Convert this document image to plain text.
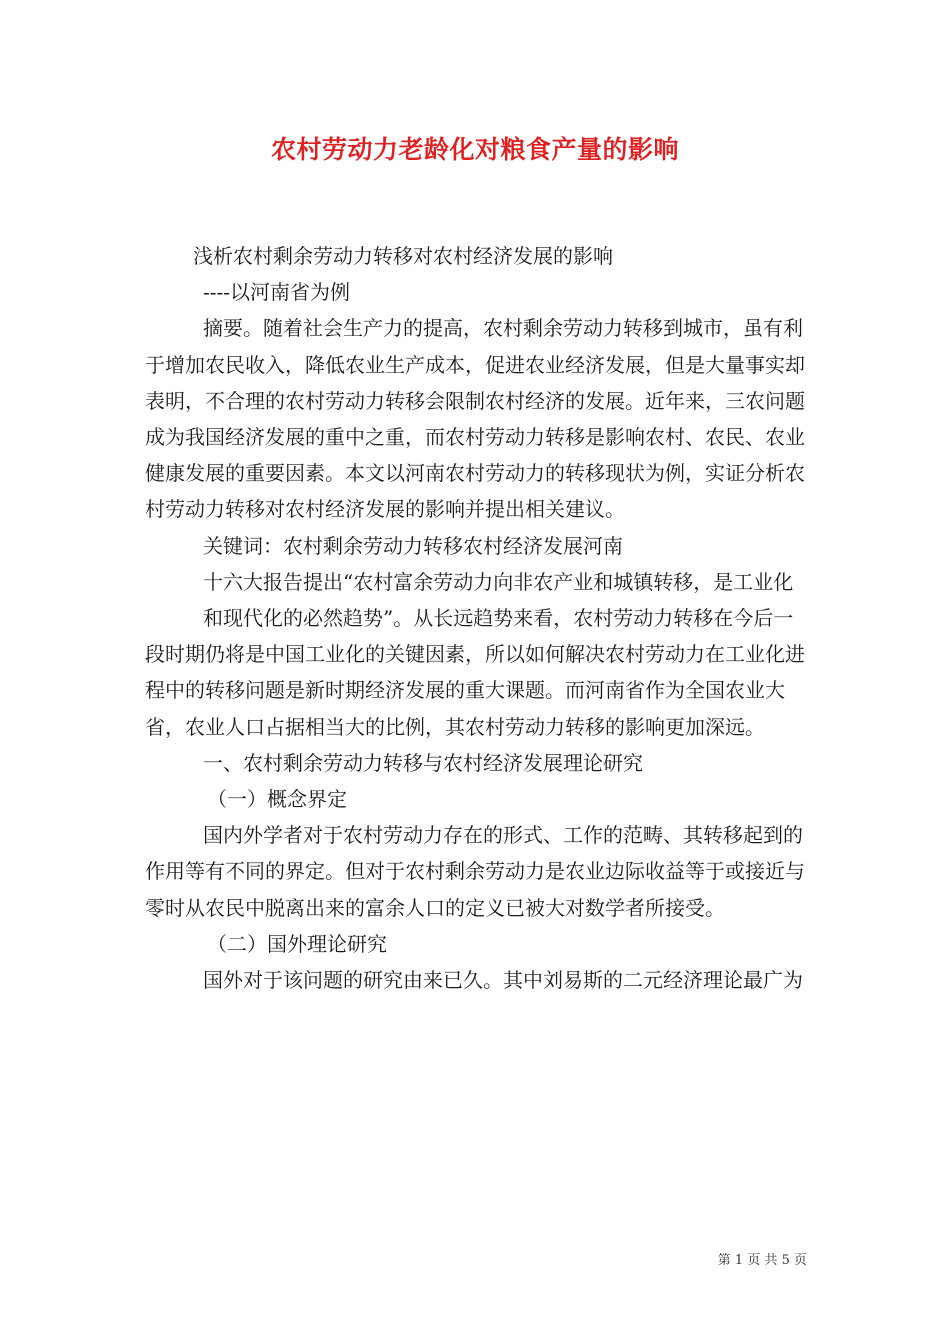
农村劳动力老龄化对粮食产量的影响

浅析农村剩余劳动力转移对农村经济发展的影响

----以河南省为例

摘要。随着社会生产力的提高，农村剩余劳动力转移到城市，虽有利于增加农民收入，降低农业生产成本，促进农业经济发展，但是大量事实却表明，不合理的农村劳动力转移会限制农村经济的发展。近年来，三农问题成为我国经济发展的重中之重，而农村劳动力转移是影响农村、农民、农业健康发展的重要因素。本文以河南农村劳动力的转移现状为例，实证分析农村劳动力转移对农村经济发展的影响并提出相关建议。

关键词：农村剩余劳动力转移农村经济发展河南

十六大报告提出“农村富余劳动力向非农产业和城镇转移，是工业化

和现代化的必然趋势”。从长远趋势来看，农村劳动力转移在今后一段时期仍将是中国工业化的关键因素，所以如何解决农村劳动力在工业化进程中的转移问题是新时期经济发展的重大课题。而河南省作为全国农业大省，农业人口占据相当大的比例，其农村劳动力转移的影响更加深远。

一、农村剩余劳动力转移与农村经济发展理论研究

（一）概念界定

国内外学者对于农村劳动力存在的形式、工作的范畴、其转移起到的作用等有不同的界定。但对于农村剩余劳动力是农业边际收益等于或接近与零时从农民中脱离出来的富余人口的定义已被大对数学者所接受。

（二）国外理论研究

国外对于该问题的研究由来已久。其中刘易斯的二元经济理论最广为

第 1 页 共 5 页
